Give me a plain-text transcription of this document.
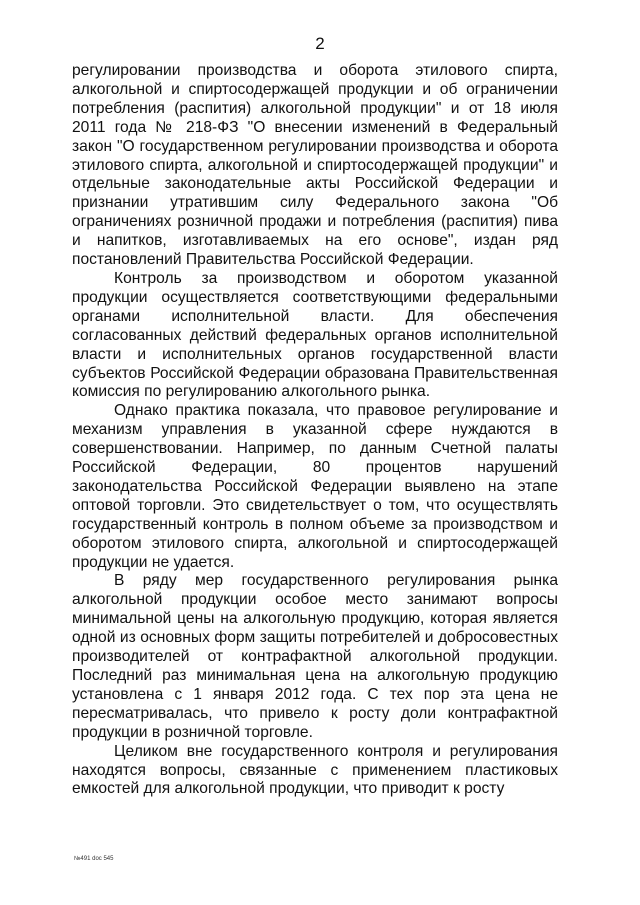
2

регулировании производства и оборота этилового спирта, алкогольной и спиртосодержащей продукции и об ограничении потребления (распития) алкогольной продукции" и от 18 июля 2011 года № 218-ФЗ "О внесении изменений в Федеральный закон "О государственном регулировании производства и оборота этилового спирта, алкогольной и спиртосодержащей продукции" и отдельные законодательные акты Российской Федерации и признании утратившим силу Федерального закона "Об ограничениях розничной продажи и потребления (распития) пива и напитков, изготавливаемых на его основе", издан ряд постановлений Правительства Российской Федерации.

Контроль за производством и оборотом указанной продукции осуществляется соответствующими федеральными органами исполнительной власти. Для обеспечения согласованных действий федеральных органов исполнительной власти и исполнительных органов государственной власти субъектов Российской Федерации образована Правительственная комиссия по регулированию алкогольного рынка.

Однако практика показала, что правовое регулирование и механизм управления в указанной сфере нуждаются в совершенствовании. Например, по данным Счетной палаты Российской Федерации, 80 процентов нарушений законодательства Российской Федерации выявлено на этапе оптовой торговли. Это свидетельствует о том, что осуществлять государственный контроль в полном объеме за производством и оборотом этилового спирта, алкогольной и спиртосодержащей продукции не удается.

В ряду мер государственного регулирования рынка алкогольной продукции особое место занимают вопросы минимальной цены на алкогольную продукцию, которая является одной из основных форм защиты потребителей и добросовестных производителей от контрафактной алкогольной продукции. Последний раз минимальная цена на алкогольную продукцию установлена с 1 января 2012 года. С тех пор эта цена не пересматривалась, что привело к росту доли контрафактной продукции в розничной торговле.

Целиком вне государственного контроля и регулирования находятся вопросы, связанные с применением пластиковых емкостей для алкогольной продукции, что приводит к росту

№491 doc 545
